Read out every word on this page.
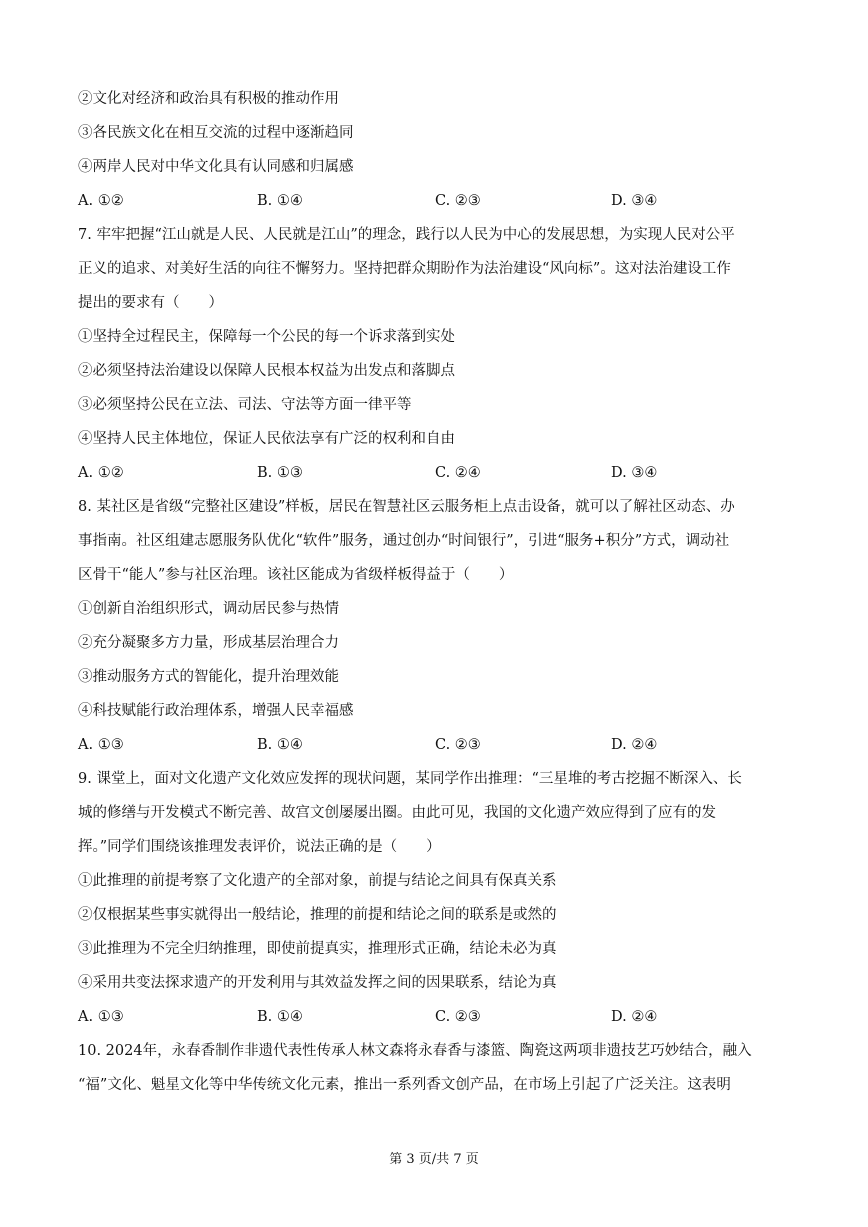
②文化对经济和政治具有积极的推动作用
③各民族文化在相互交流的过程中逐渐趋同
④两岸人民对中华文化具有认同感和归属感
A. ①②	B. ①④	C. ②③	D. ③④
7. 牢牢把握“江山就是人民、人民就是江山”的理念，践行以人民为中心的发展思想，为实现人民对公平
正义的追求、对美好生活的向往不懈努力。坚持把群众期盼作为法治建设“风向标”。这对法治建设工作
提出的要求有（　　）
①坚持全过程民主，保障每一个公民的每一个诉求落到实处
②必须坚持法治建设以保障人民根本权益为出发点和落脚点
③必须坚持公民在立法、司法、守法等方面一律平等
④坚持人民主体地位，保证人民依法享有广泛的权利和自由
A. ①②	B. ①③	C. ②④	D. ③④
8. 某社区是省级“完整社区建设”样板，居民在智慧社区云服务柜上点击设备，就可以了解社区动态、办
事指南。社区组建志愿服务队优化“软件”服务，通过创办“时间银行”，引进“服务+积分”方式，调动社
区骨干“能人”参与社区治理。该社区能成为省级样板得益于（　　）
①创新自治组织形式，调动居民参与热情
②充分凝聚多方力量，形成基层治理合力
③推动服务方式的智能化，提升治理效能
④科技赋能行政治理体系，增强人民幸福感
A. ①③	B. ①④	C. ②③	D. ②④
9. 课堂上，面对文化遗产文化效应发挥的现状问题，某同学作出推理：“三星堆的考古挖掘不断深入、长
城的修缮与开发模式不断完善、故宫文创屡屡出圈。由此可见，我国的文化遗产效应得到了应有的发
挥。”同学们围绕该推理发表评价，说法正确的是（　　）
①此推理的前提考察了文化遗产的全部对象，前提与结论之间具有保真关系
②仅根据某些事实就得出一般结论，推理的前提和结论之间的联系是或然的
③此推理为不完全归纳推理，即使前提真实，推理形式正确，结论未必为真
④采用共变法探求遗产的开发利用与其效益发挥之间的因果联系，结论为真
A. ①③	B. ①④	C. ②③	D. ②④
10. 2024年，永春香制作非遗代表性传承人林文森将永春香与漆篮、陶瓷这两项非遗技艺巧妙结合，融入
“福”文化、魁星文化等中华传统文化元素，推出一系列香文创产品，在市场上引起了广泛关注。这表明
第 3 页/共 7 页
